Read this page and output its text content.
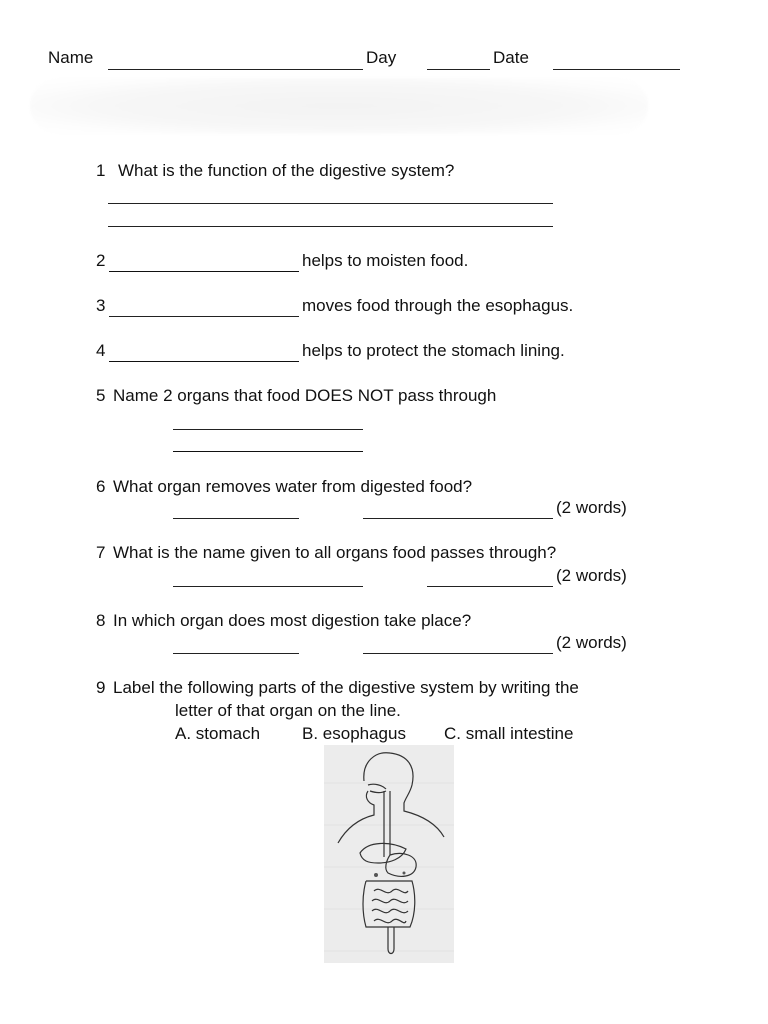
Name	Day	Date
1 What is the function of the digestive system?
2	helps to moisten food.
3	moves food through the esophagus.
4	helps to protect the stomach lining.
5 Name 2 organs that food DOES NOT pass through
6 What organ removes water from digested food?
(2 words)
7 What is the name given to all organs food passes through?
(2 words)
8 In which organ does most digestion take place?
(2 words)
9 Label the following parts of the digestive system by writing the
letter of that organ on the line.
A. stomach B. esophagus C. small intestine
